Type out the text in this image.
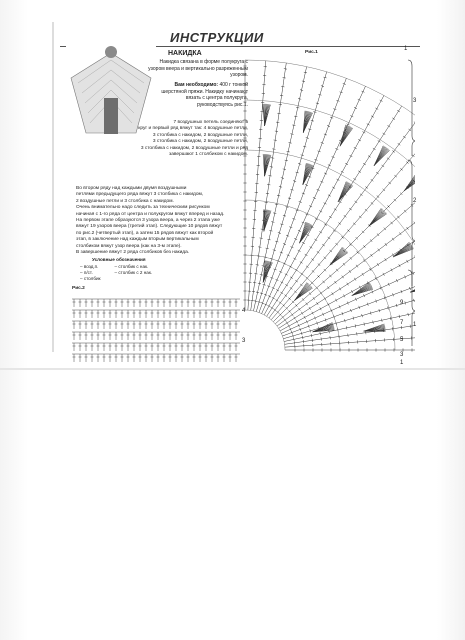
ИНСТРУКЦИИ
НАКИДКА
Накидка связана в форме полукруга с узором веера и вертикально разреженным узором.
Вам необходимо: 400 г тонкой шерстяной пряжи. Накидку начинают вязать с центра полукруга, руководствуясь рис.1.
7 воздушных петель соединяют в
круг и первый ряд вяжут так: 4 воздушные петли,
3 столбика с накидом, 2 воздушные петли,
3 столбика с накидом, 2 воздушные петли,
3 столбика с накидом, 2 воздушные петли и ряд
завершают 1 столбиком с накидом.
Во втором ряду над каждыми двумя воздушными
петлями предыдущего ряда вяжут 3 столбика с накидом,
2 воздушные петли и 3 столбика с накидом.
Очень внимательно надо следить за техническим рисунком
начиная с 1-го ряда от центра и полукругом вяжут вперед и назад.
На первом этапе образуются 3 узора веера, а через 2 этапа уже
вяжут 19 узоров веера (третий этап). Следующие 10 рядов вяжут
по рис.2 (четвертый этап), а затем 15 рядов вяжут как второй
этап, в заключение над каждым вторым вертикальным
столбиком вяжут узор веера (как на 3-м этапе).
В завершение вяжут 2 ряда столбиков без накида.
Условные обозначения
– возд.п.
– п/ст.
– столбик
– столбик с нак.
– столбик с 2 нак.
Рис.1
Рис.2
1
3
2
9
7
5
3
1
1
4
3
